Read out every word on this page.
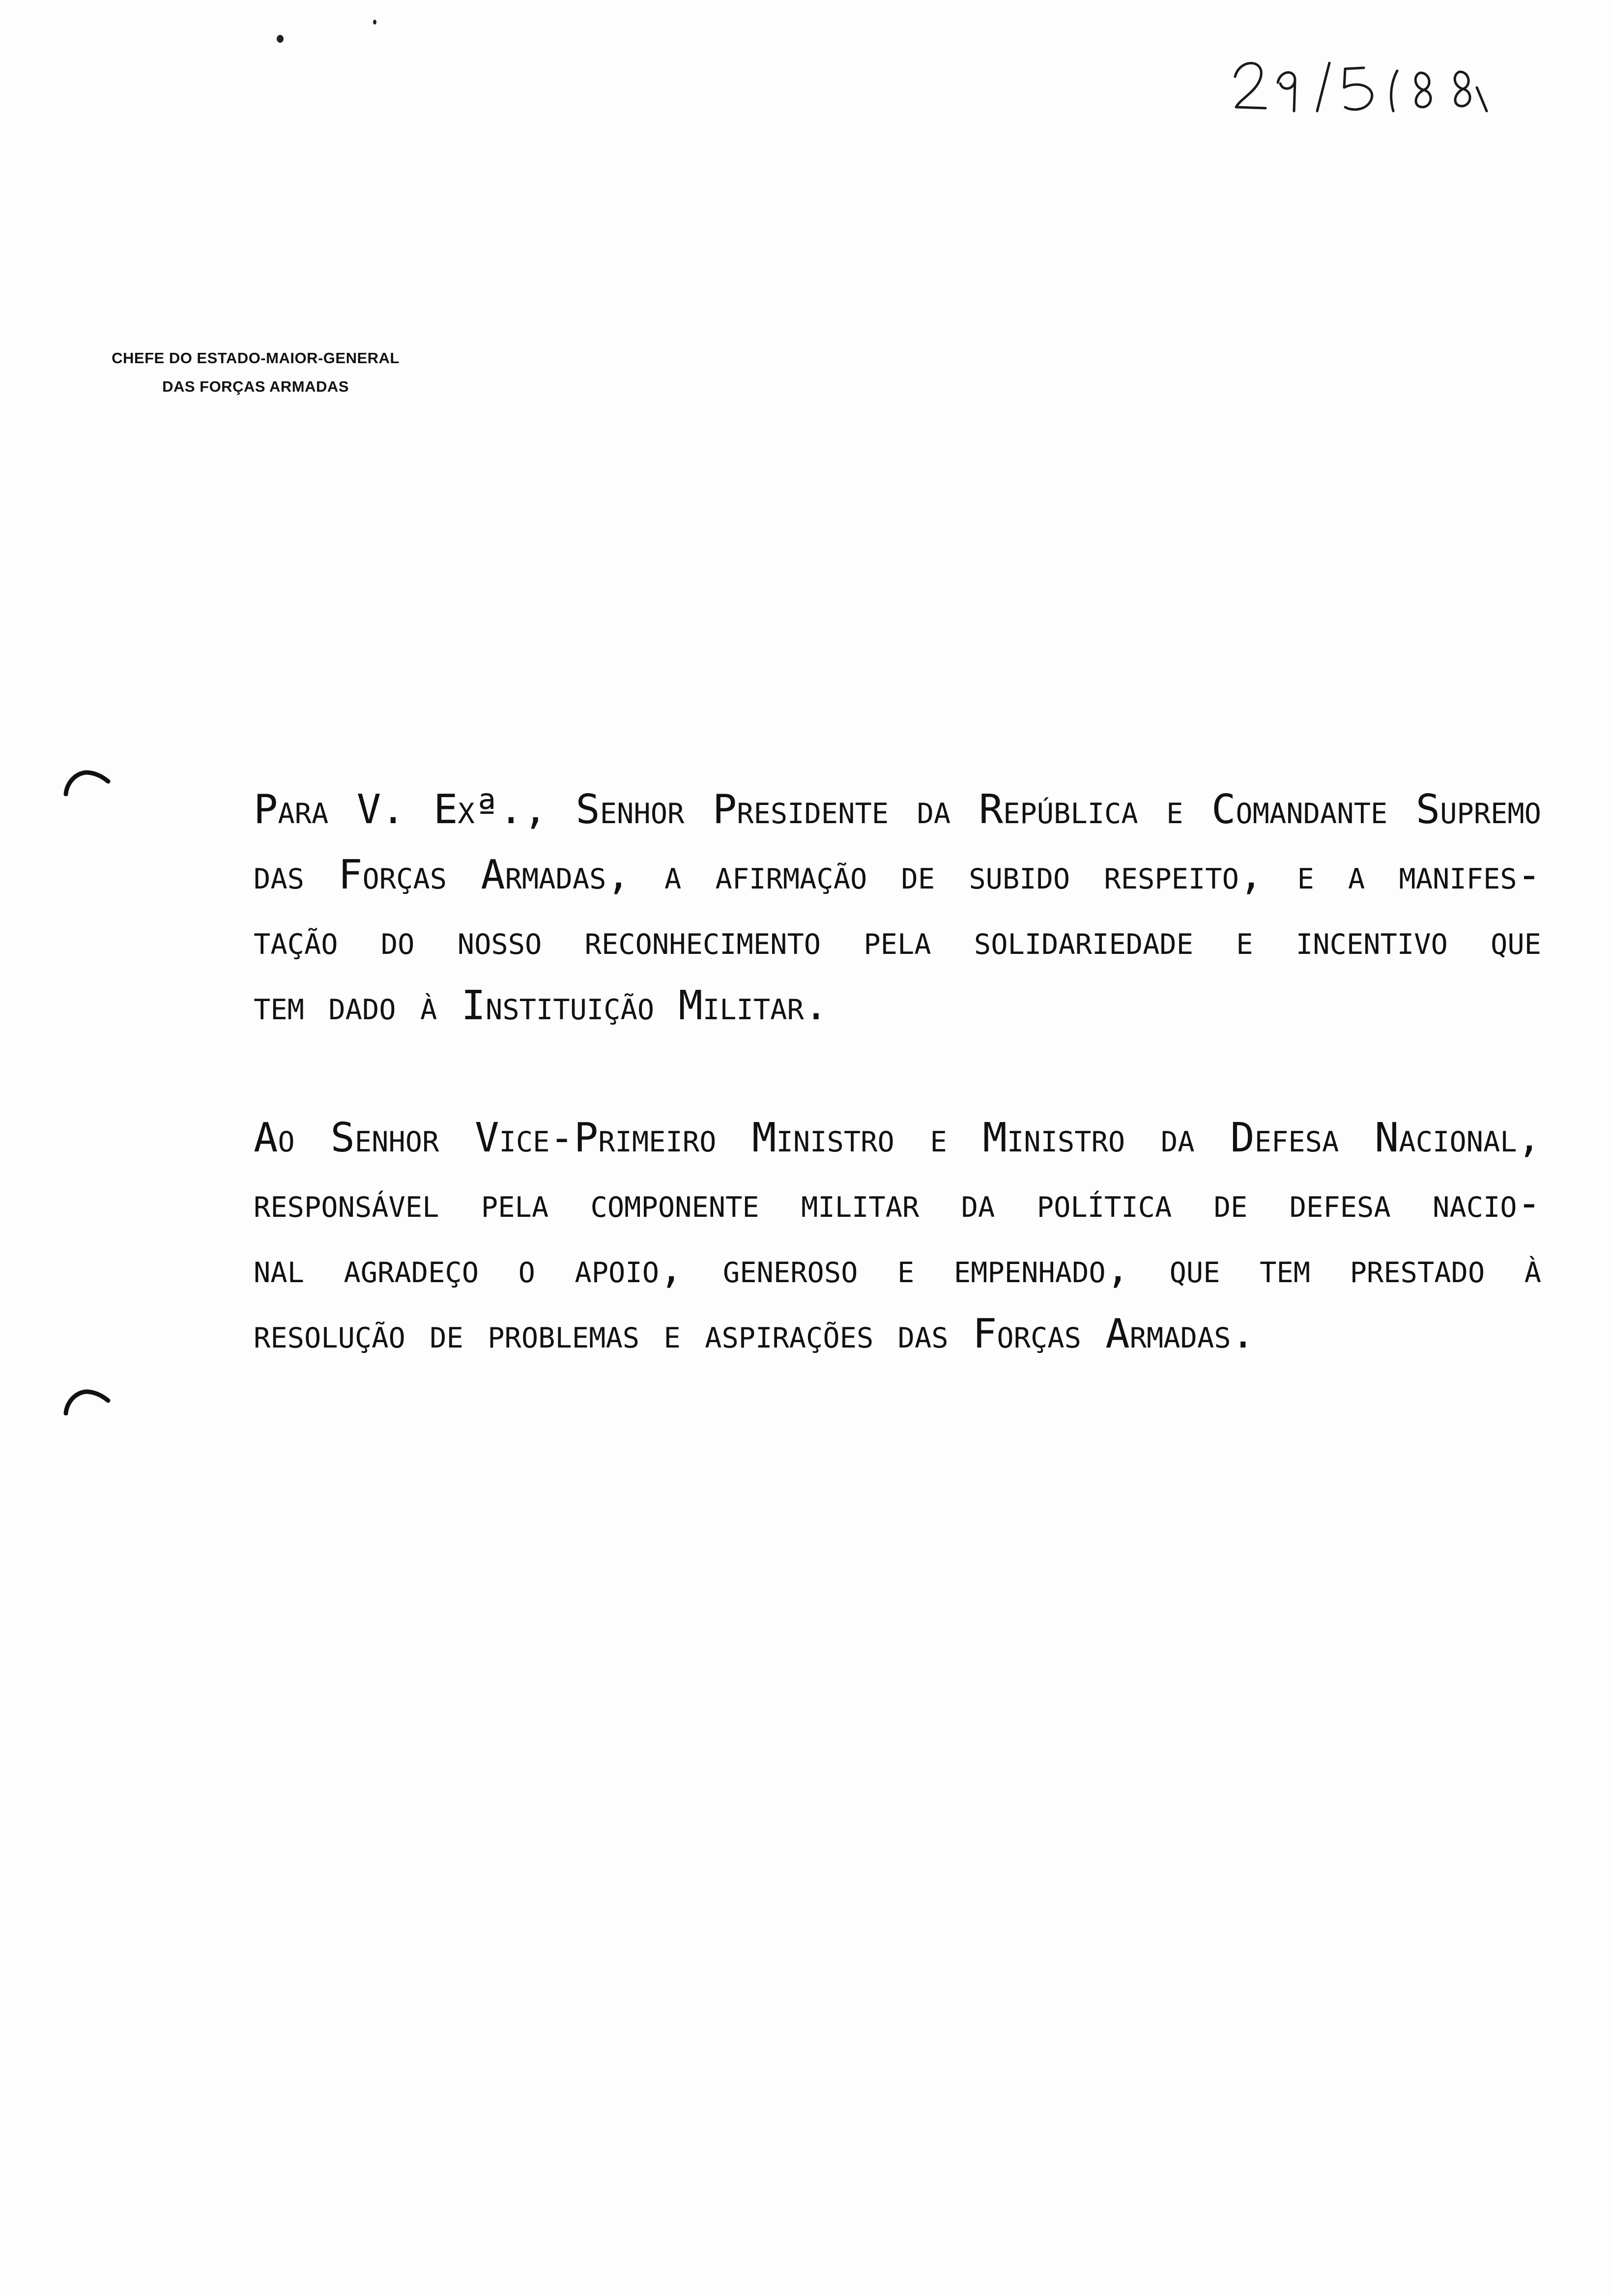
CHEFE DO ESTADO-MAIOR-GENERAL
DAS FORÇAS ARMADAS
Para V. Exª., Senhor Presidente da República e Comandante Supremo
das Forças Armadas, a afirmação de subido respeito, e a manifes-
tação do nosso reconhecimento pela solidariedade e incentivo que
tem dado à Instituição Militar.
Ao Senhor Vice-Primeiro Ministro e Ministro da Defesa Nacional,
responsável pela componente militar da política de defesa nacio-
nal agradeço o apoio, generoso e empenhado, que tem prestado à
resolução de problemas e aspirações das Forças Armadas.
